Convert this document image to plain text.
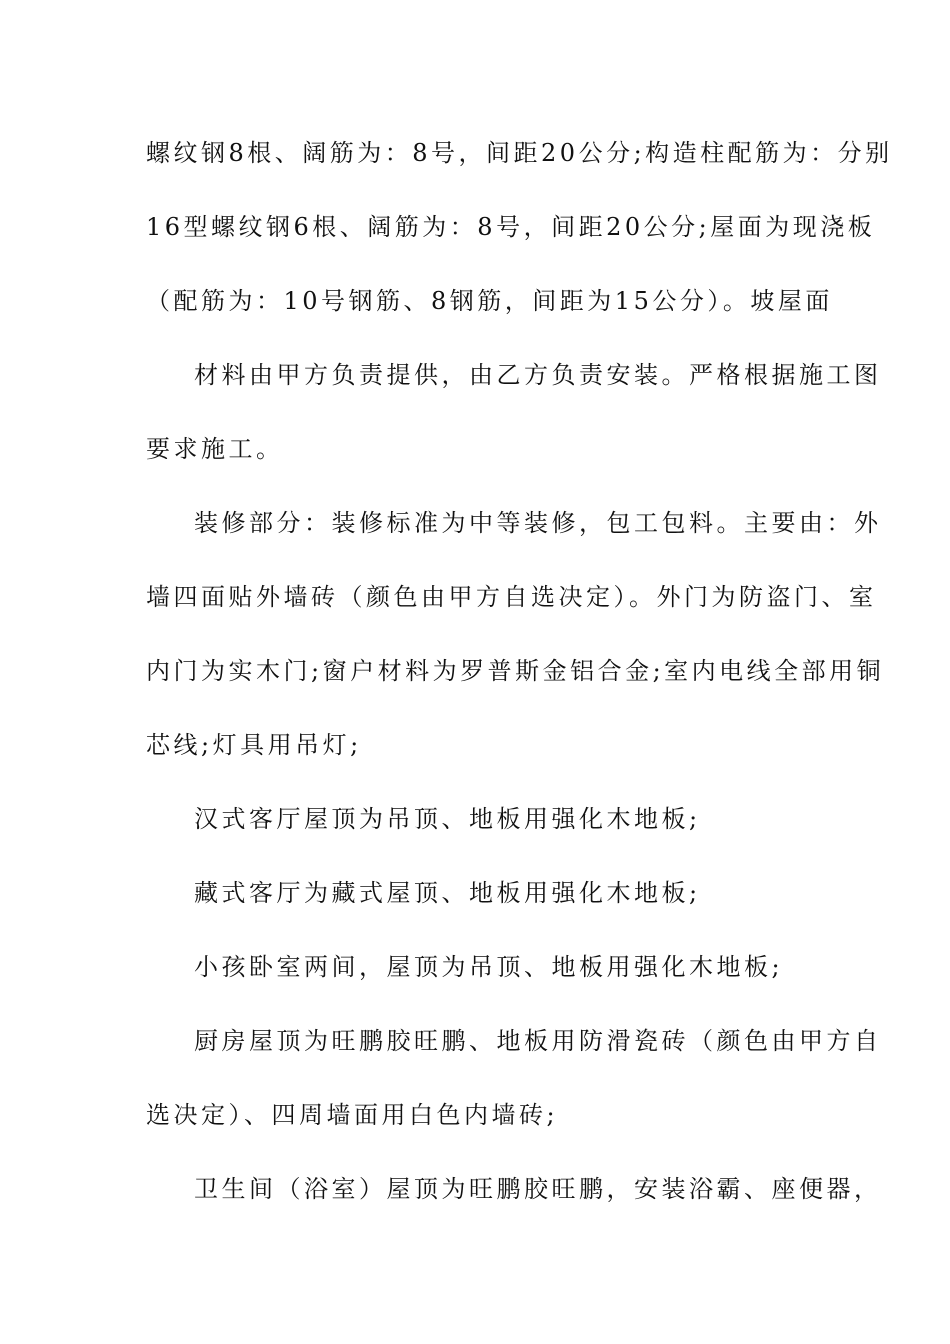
螺纹钢8根、阔筋为：8号，间距20公分;构造柱配筋为：分别
16型螺纹钢6根、阔筋为：8号，间距20公分;屋面为现浇板
（配筋为：10号钢筋、8钢筋，间距为15公分）。坡屋面
材料由甲方负责提供，由乙方负责安装。严格根据施工图
要求施工。
装修部分：装修标准为中等装修，包工包料。主要由：外
墙四面贴外墙砖（颜色由甲方自选决定）。外门为防盗门、室
内门为实木门;窗户材料为罗普斯金铝合金;室内电线全部用铜
芯线;灯具用吊灯;
汉式客厅屋顶为吊顶、地板用强化木地板;
藏式客厅为藏式屋顶、地板用强化木地板;
小孩卧室两间，屋顶为吊顶、地板用强化木地板;
厨房屋顶为旺鹏胶旺鹏、地板用防滑瓷砖（颜色由甲方自
选决定）、四周墙面用白色内墙砖;
卫生间（浴室）屋顶为旺鹏胶旺鹏，安装浴霸、座便器，
